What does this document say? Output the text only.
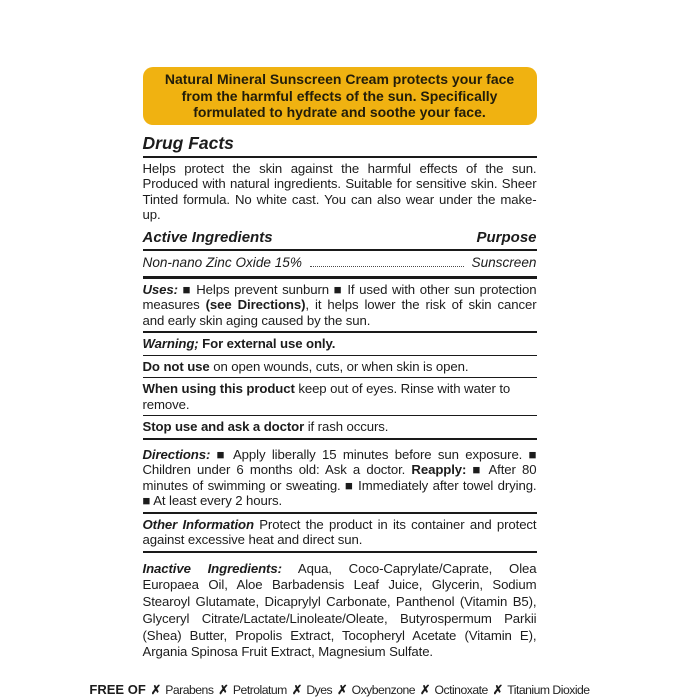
Natural Mineral Sunscreen Cream protects your face from the harmful effects of the sun. Specifically formulated to hydrate and soothe your face.
Drug Facts

Helps protect the skin against the harmful effects of the sun. Produced with natural ingredients. Suitable for sensitive skin. Sheer Tinted formula. No white cast. You can also wear under the make-up.

Active Ingredients	Purpose
Non-nano Zinc Oxide 15%	Sunscreen

Uses: ■ Helps prevent sunburn ■ If used with other sun protection measures (see Directions), it helps lower the risk of skin cancer and early skin aging caused by the sun.

Warning; For external use only.

Do not use on open wounds, cuts, or when skin is open.

When using this product keep out of eyes. Rinse with water to remove.

Stop use and ask a doctor if rash occurs.

Directions: ■ Apply liberally 15 minutes before sun exposure. ■ Children under 6 months old: Ask a doctor. Reapply: ■ After 80 minutes of swimming or sweating. ■ Immediately after towel drying. ■ At least every 2 hours.

Other Information Protect the product in its container and protect against excessive heat and direct sun.

Inactive Ingredients: Aqua, Coco-Caprylate/Caprate, Olea Europaea Oil, Aloe Barbadensis Leaf Juice, Glycerin, Sodium Stearoyl Glutamate, Dicaprylyl Carbonate, Panthenol (Vitamin B5), Glyceryl Citrate/Lactate/Linoleate/Oleate, Butyrospermum Parkii (Shea) Butter, Propolis Extract, Tocopheryl Acetate (Vitamin E), Argania Spinosa Fruit Extract, Magnesium Sulfate.

FREE OF ✗ Parabens ✗ Petrolatum ✗ Dyes ✗ Oxybenzone ✗ Octinoxate ✗ Titanium Dioxide
